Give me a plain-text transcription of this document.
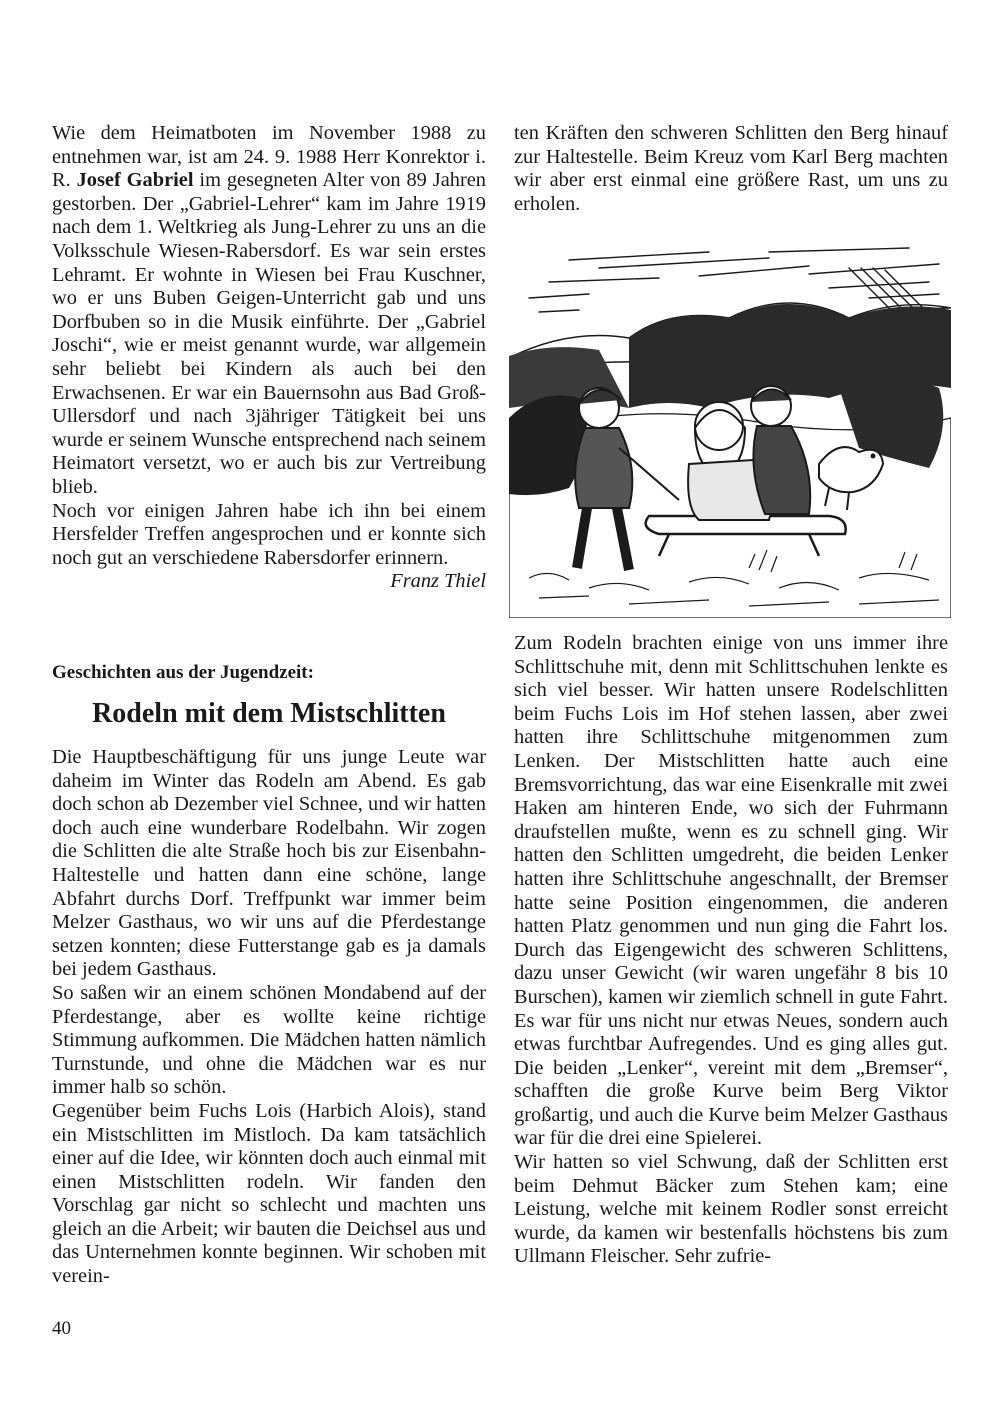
Wie dem Heimatboten im November 1988 zu entnehmen war, ist am 24. 9. 1988 Herr Konrektor i. R. Josef Gabriel im gesegneten Alter von 89 Jahren gestorben. Der „Gabriel-Lehrer“ kam im Jahre 1919 nach dem 1. Weltkrieg als Jung-Lehrer zu uns an die Volksschule Wiesen-Rabersdorf. Es war sein erstes Lehramt. Er wohnte in Wiesen bei Frau Kuschner, wo er uns Buben Geigen-Unterricht gab und uns Dorfbuben so in die Musik einführte. Der „Gabriel Joschi“, wie er meist genannt wurde, war allgemein sehr beliebt bei Kindern als auch bei den Erwachsenen. Er war ein Bauernsohn aus Bad Groß-Ullersdorf und nach 3jähriger Tätigkeit bei uns wurde er seinem Wunsche entsprechend nach seinem Heimatort versetzt, wo er auch bis zur Vertreibung blieb.

Noch vor einigen Jahren habe ich ihn bei einem Hersfelder Treffen angesprochen und er konnte sich noch gut an verschiedene Rabersdorfer erinnern.
Franz Thiel

Geschichten aus der Jugendzeit:
Rodeln mit dem Mistschlitten

Die Hauptbeschäftigung für uns junge Leute war daheim im Winter das Rodeln am Abend. Es gab doch schon ab Dezember viel Schnee, und wir hatten doch auch eine wunderbare Rodelbahn. Wir zogen die Schlitten die alte Straße hoch bis zur Eisenbahn-Haltestelle und hatten dann eine schöne, lange Abfahrt durchs Dorf. Treffpunkt war immer beim Melzer Gasthaus, wo wir uns auf die Pferdestange setzen konnten; diese Futterstange gab es ja damals bei jedem Gasthaus.

So saßen wir an einem schönen Mondabend auf der Pferdestange, aber es wollte keine richtige Stimmung aufkommen. Die Mädchen hatten nämlich Turnstunde, und ohne die Mädchen war es nur immer halb so schön.

Gegenüber beim Fuchs Lois (Harbich Alois), stand ein Mistschlitten im Mistloch. Da kam tatsächlich einer auf die Idee, wir könnten doch auch einmal mit einen Mistschlitten rodeln. Wir fanden den Vorschlag gar nicht so schlecht und machten uns gleich an die Arbeit; wir bauten die Deichsel aus und das Unternehmen konnte beginnen. Wir schoben mit verein-

ten Kräften den schweren Schlitten den Berg hinauf zur Haltestelle. Beim Kreuz vom Karl Berg machten wir aber erst einmal eine größere Rast, um uns zu erholen.

Zum Rodeln brachten einige von uns immer ihre Schlittschuhe mit, denn mit Schlittschuhen lenkte es sich viel besser. Wir hatten unsere Rodelschlitten beim Fuchs Lois im Hof stehen lassen, aber zwei hatten ihre Schlittschuhe mitgenommen zum Lenken. Der Mistschlitten hatte auch eine Bremsvorrichtung, das war eine Eisenkralle mit zwei Haken am hinteren Ende, wo sich der Fuhrmann draufstellen mußte, wenn es zu schnell ging. Wir hatten den Schlitten umgedreht, die beiden Lenker hatten ihre Schlittschuhe angeschnallt, der Bremser hatte seine Position eingenommen, die anderen hatten Platz genommen und nun ging die Fahrt los. Durch das Eigengewicht des schweren Schlittens, dazu unser Gewicht (wir waren ungefähr 8 bis 10 Burschen), kamen wir ziemlich schnell in gute Fahrt. Es war für uns nicht nur etwas Neues, sondern auch etwas furchtbar Aufregendes. Und es ging alles gut. Die beiden „Lenker“, vereint mit dem „Bremser“, schafften die große Kurve beim Berg Viktor großartig, und auch die Kurve beim Melzer Gasthaus war für die drei eine Spielerei.

Wir hatten so viel Schwung, daß der Schlitten erst beim Dehmut Bäcker zum Stehen kam; eine Leistung, welche mit keinem Rodler sonst erreicht wurde, da kamen wir bestenfalls höchstens bis zum Ullmann Fleischer. Sehr zufrie-

40
